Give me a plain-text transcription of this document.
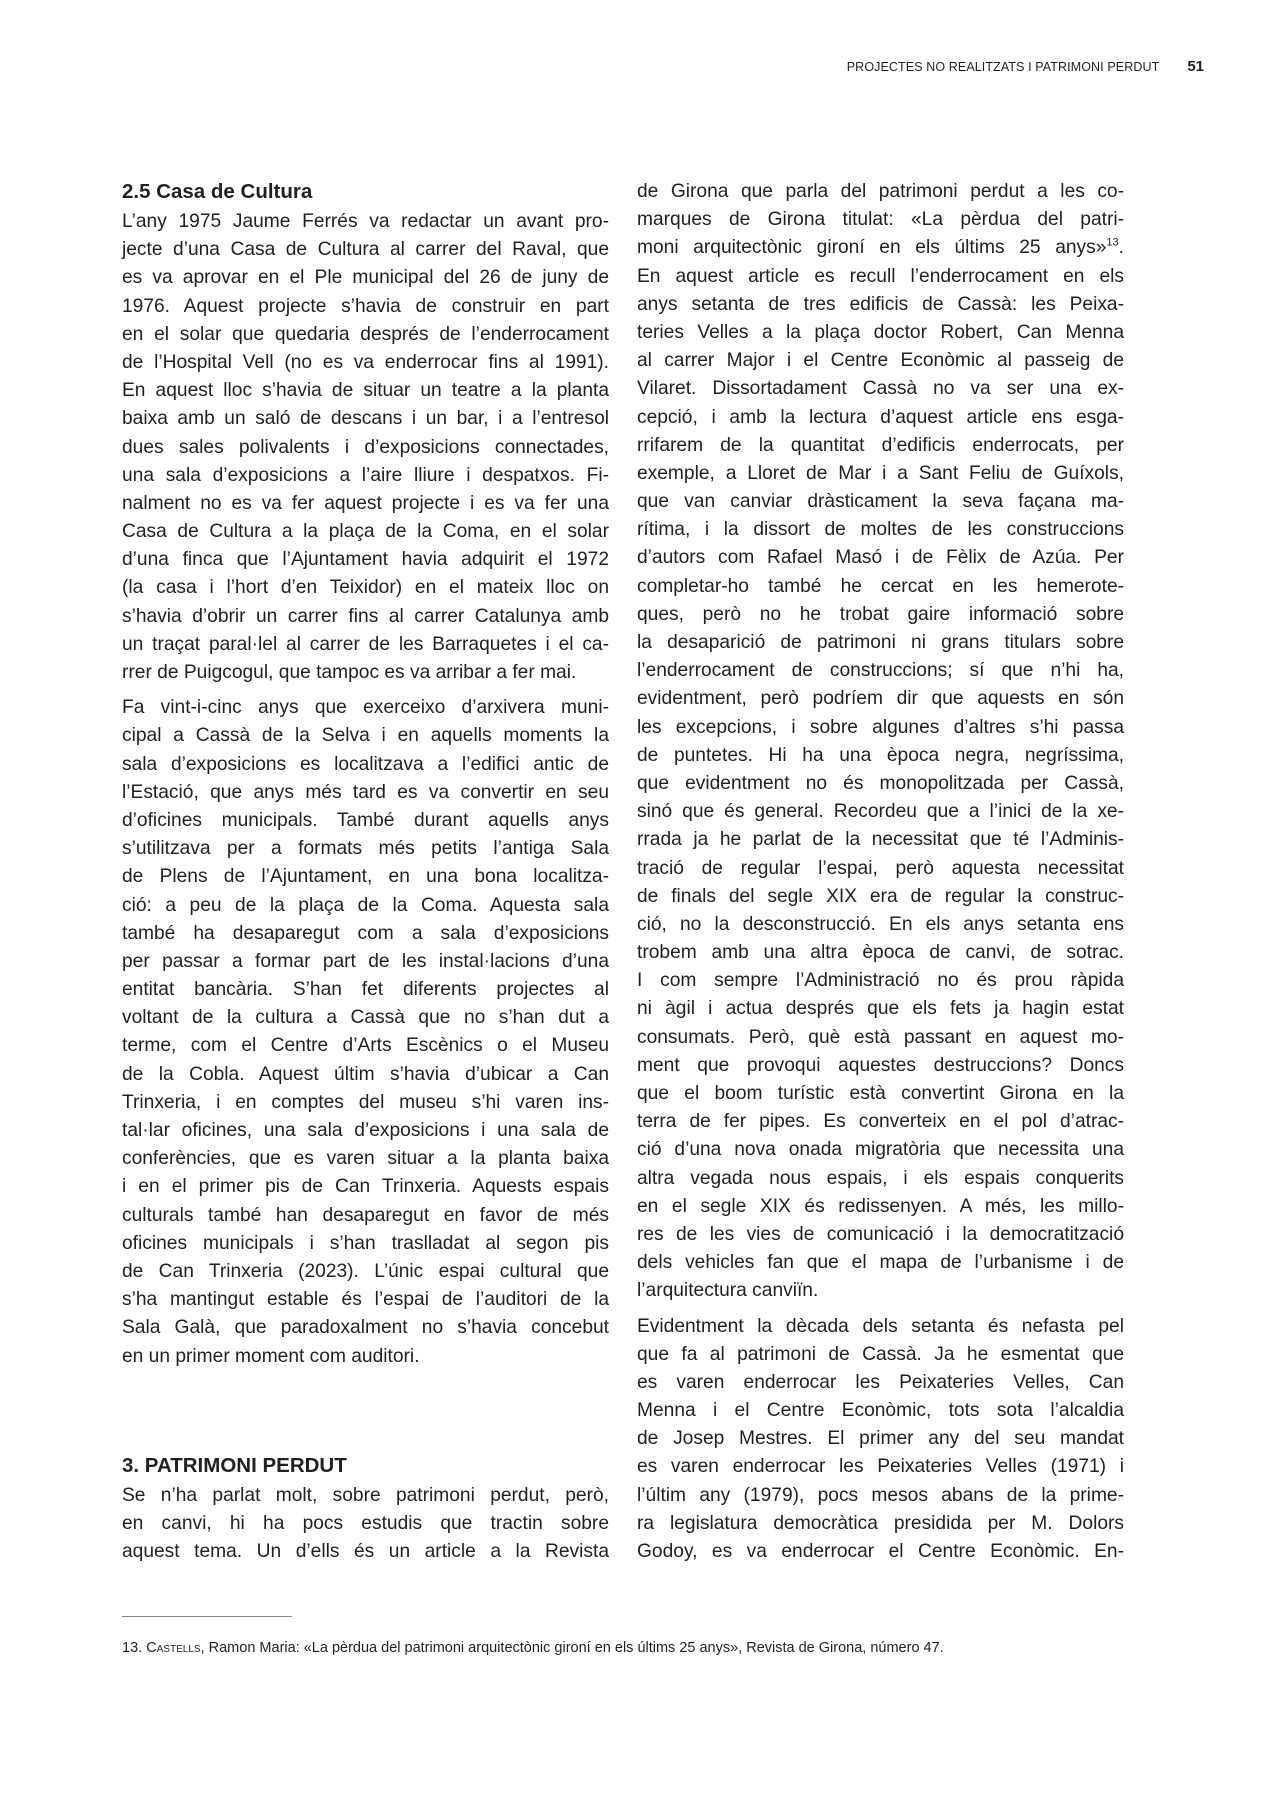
PROJECTES NO REALITZATS I PATRIMONI PERDUT 51
2.5 Casa de Cultura

L’any 1975 Jaume Ferrés va redactar un avant pro-
jecte d’una Casa de Cultura al carrer del Raval, que
es va aprovar en el Ple municipal del 26 de juny de
1976. Aquest projecte s’havia de construir en part
en el solar que quedaria després de l’enderrocament
de l’Hospital Vell (no es va enderrocar fins al 1991).
En aquest lloc s’havia de situar un teatre a la planta
baixa amb un saló de descans i un bar, i a l’entresol
dues sales polivalents i d’exposicions connectades,
una sala d’exposicions a l’aire lliure i despatxos. Fi-
nalment no es va fer aquest projecte i es va fer una
Casa de Cultura a la plaça de la Coma, en el solar
d’una finca que l’Ajuntament havia adquirit el 1972
(la casa i l’hort d’en Teixidor) en el mateix lloc on
s’havia d’obrir un carrer fins al carrer Catalunya amb
un traçat paral·lel al carrer de les Barraquetes i el ca-
rrer de Puigcogul, que tampoc es va arribar a fer mai.

Fa vint-i-cinc anys que exerceixo d’arxivera muni-
cipal a Cassà de la Selva i en aquells moments la
sala d’exposicions es localitzava a l’edifici antic de
l’Estació, que anys més tard es va convertir en seu
d’oficines municipals. També durant aquells anys
s’utilitzava per a formats més petits l’antiga Sala
de Plens de l’Ajuntament, en una bona localitza-
ció: a peu de la plaça de la Coma. Aquesta sala
també ha desaparegut com a sala d’exposicions
per passar a formar part de les instal·lacions d’una
entitat bancària. S’han fet diferents projectes al
voltant de la cultura a Cassà que no s’han dut a
terme, com el Centre d’Arts Escènics o el Museu
de la Cobla. Aquest últim s’havia d’ubicar a Can
Trinxeria, i en comptes del museu s’hi varen ins-
tal·lar oficines, una sala d’exposicions i una sala de
conferències, que es varen situar a la planta baixa
i en el primer pis de Can Trinxeria. Aquests espais
culturals també han desaparegut en favor de més
oficines municipals i s’han traslladat al segon pis
de Can Trinxeria (2023). L’únic espai cultural que
s’ha mantingut estable és l’espai de l’auditori de la
Sala Galà, que paradoxalment no s’havia concebut
en un primer moment com auditori.

3. PATRIMONI PERDUT

Se n’ha parlat molt, sobre patrimoni perdut, però,
en canvi, hi ha pocs estudis que tractin sobre
aquest tema. Un d’ells és un article a la Revista

de Girona que parla del patrimoni perdut a les co-
marques de Girona titulat: «La pèrdua del patri-
moni arquitectònic gironí en els últims 25 anys»$^{13}$.
En aquest article es recull l’enderrocament en els
anys setanta de tres edificis de Cassà: les Peixa-
teries Velles a la plaça doctor Robert, Can Menna
al carrer Major i el Centre Econòmic al passeig de
Vilaret. Dissortadament Cassà no va ser una ex-
cepció, i amb la lectura d’aquest article ens esga-
rrifarem de la quantitat d’edificis enderrocats, per
exemple, a Lloret de Mar i a Sant Feliu de Guíxols,
que van canviar dràsticament la seva façana ma-
rítima, i la dissort de moltes de les construccions
d’autors com Rafael Masó i de Fèlix de Azúa. Per
completar-ho també he cercat en les hemerote-
ques, però no he trobat gaire informació sobre
la desaparició de patrimoni ni grans titulars sobre
l’enderrocament de construccions; sí que n’hi ha,
evidentment, però podríem dir que aquests en són
les excepcions, i sobre algunes d’altres s’hi passa
de puntetes. Hi ha una època negra, negríssima,
que evidentment no és monopolitzada per Cassà,
sinó que és general. Recordeu que a l’inici de la xe-
rrada ja he parlat de la necessitat que té l’Adminis-
tració de regular l’espai, però aquesta necessitat
de finals del segle XIX era de regular la construc-
ció, no la desconstrucció. En els anys setanta ens
trobem amb una altra època de canvi, de sotrac.
I com sempre l’Administració no és prou ràpida
ni àgil i actua després que els fets ja hagin estat
consumats. Però, què està passant en aquest mo-
ment que provoqui aquestes destruccions? Doncs
que el boom turístic està convertint Girona en la
terra de fer pipes. Es converteix en el pol d’atrac-
ció d’una nova onada migratòria que necessita una
altra vegada nous espais, i els espais conquerits
en el segle XIX és redissenyen. A més, les millo-
res de les vies de comunicació i la democratització
dels vehicles fan que el mapa de l’urbanisme i de
l’arquitectura canviïn.

Evidentment la dècada dels setanta és nefasta pel
que fa al patrimoni de Cassà. Ja he esmentat que
es varen enderrocar les Peixateries Velles, Can
Menna i el Centre Econòmic, tots sota l’alcaldia
de Josep Mestres. El primer any del seu mandat
es varen enderrocar les Peixateries Velles (1971) i
l’últim any (1979), pocs mesos abans de la prime-
ra legislatura democràtica presidida per M. Dolors
Godoy, es va enderrocar el Centre Econòmic. En-

13. Castells, Ramon Maria: «La pèrdua del patrimoni arquitectònic gironí en els últims 25 anys», Revista de Girona, número 47.
